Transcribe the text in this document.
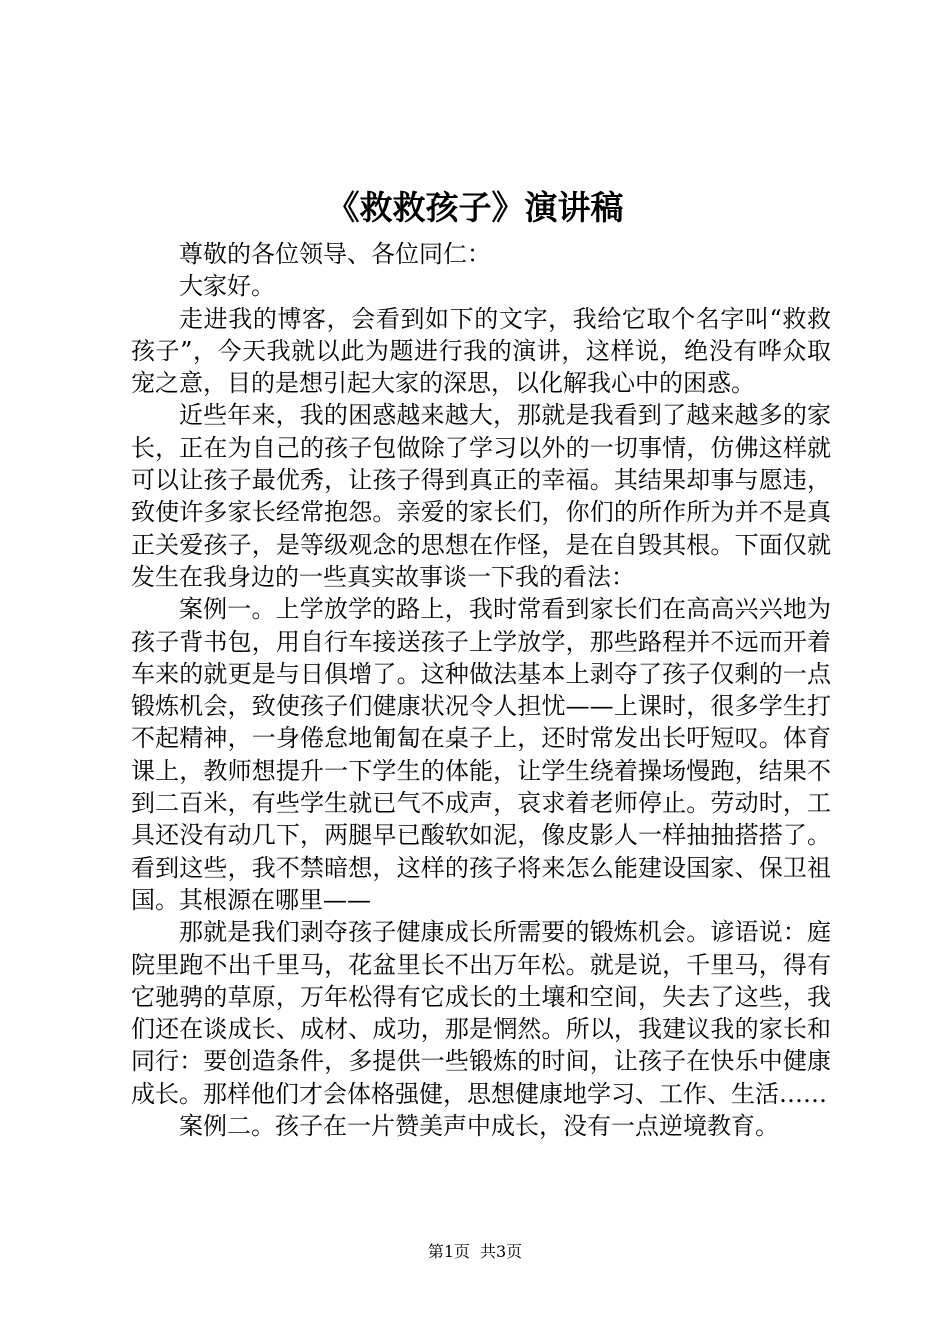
《救救孩子》演讲稿

尊敬的各位领导、各位同仁：

大家好。

走进我的博客，会看到如下的文字，我给它取个名字叫“救救孩子”，今天我就以此为题进行我的演讲，这样说，绝没有哗众取宠之意，目的是想引起大家的深思，以化解我心中的困惑。

近些年来，我的困惑越来越大，那就是我看到了越来越多的家长，正在为自己的孩子包做除了学习以外的一切事情，仿佛这样就可以让孩子最优秀，让孩子得到真正的幸福。其结果却事与愿违，致使许多家长经常抱怨。亲爱的家长们，你们的所作所为并不是真正关爱孩子，是等级观念的思想在作怪，是在自毁其根。下面仅就发生在我身边的一些真实故事谈一下我的看法：

案例一。上学放学的路上，我时常看到家长们在高高兴兴地为孩子背书包，用自行车接送孩子上学放学，那些路程并不远而开着车来的就更是与日俱增了。这种做法基本上剥夺了孩子仅剩的一点锻炼机会，致使孩子们健康状况令人担忧——上课时，很多学生打不起精神，一身倦怠地匍匐在桌子上，还时常发出长吁短叹。体育课上，教师想提升一下学生的体能，让学生绕着操场慢跑，结果不到二百米，有些学生就已气不成声，哀求着老师停止。劳动时，工具还没有动几下，两腿早已酸软如泥，像皮影人一样抽抽搭搭了。看到这些，我不禁暗想，这样的孩子将来怎么能建设国家、保卫祖国。其根源在哪里——

那就是我们剥夺孩子健康成长所需要的锻炼机会。谚语说：庭院里跑不出千里马，花盆里长不出万年松。就是说，千里马，得有它驰骋的草原，万年松得有它成长的土壤和空间，失去了这些，我们还在谈成长、成材、成功，那是惘然。所以，我建议我的家长和同行：要创造条件，多提供一些锻炼的时间，让孩子在快乐中健康成长。那样他们才会体格强健，思想健康地学习、工作、生活……

案例二。孩子在一片赞美声中成长，没有一点逆境教育。

第1页 共3页
